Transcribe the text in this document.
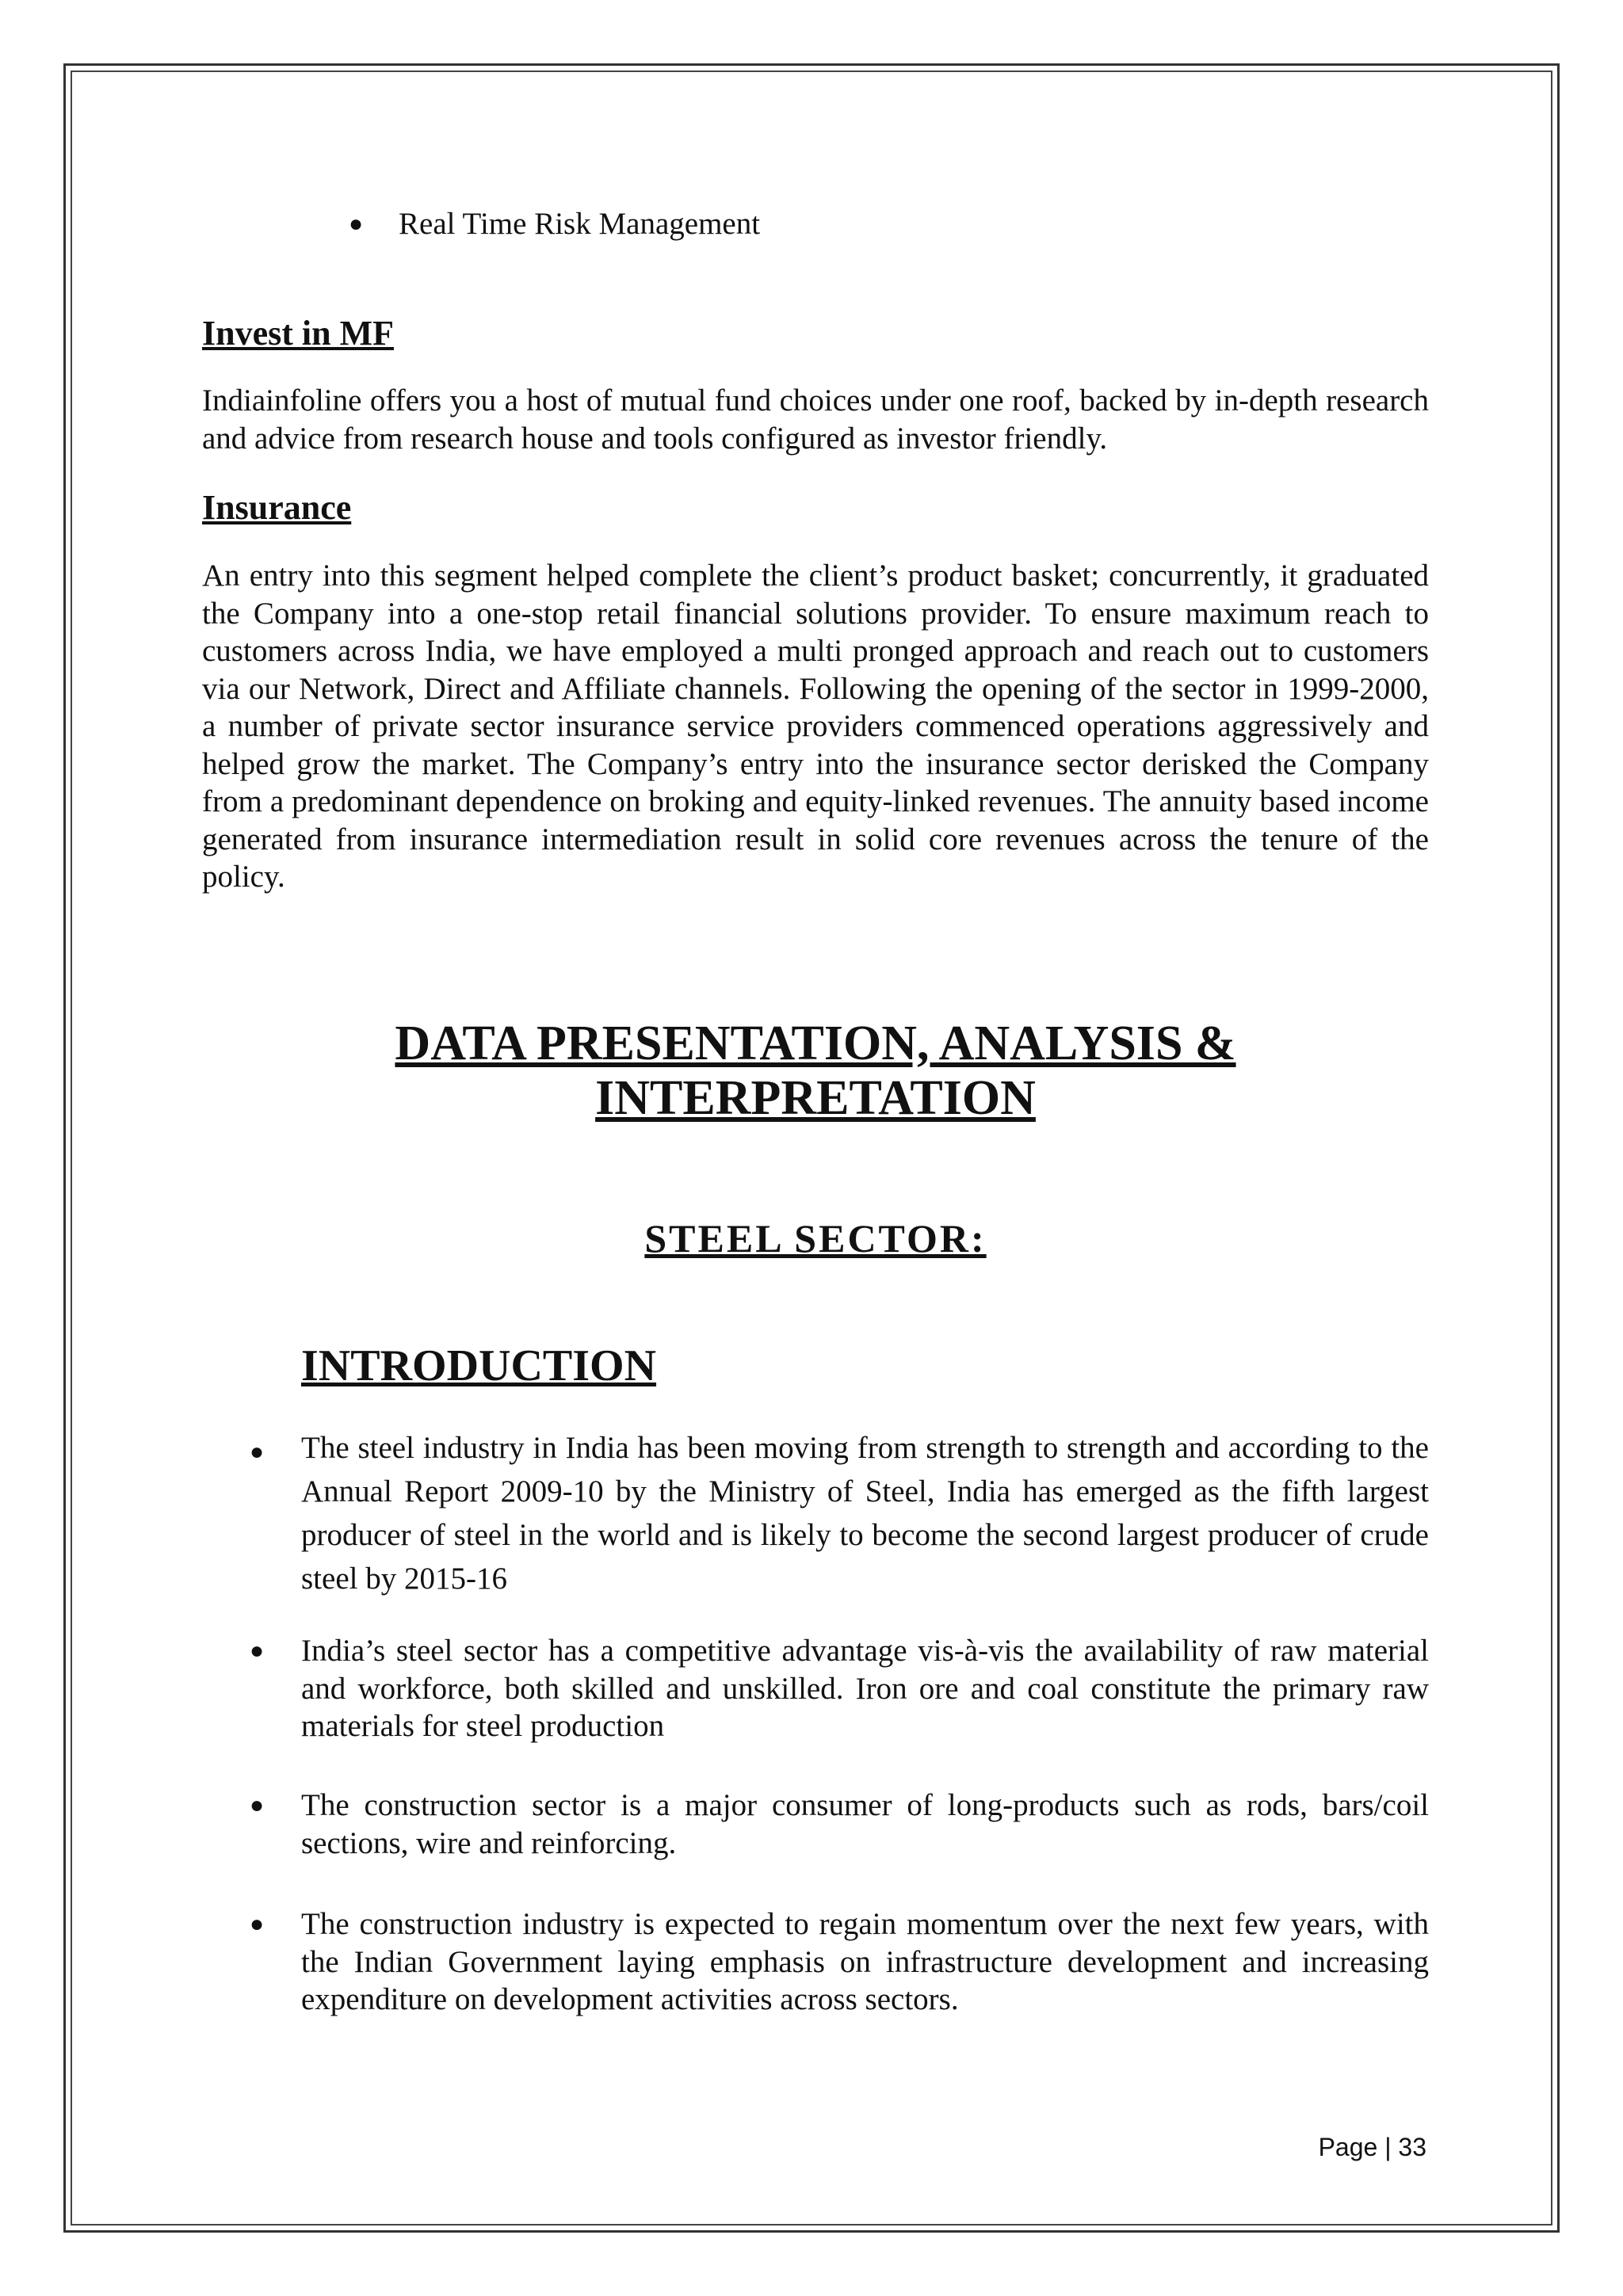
● Real Time Risk Management
Invest in MF
Indiainfoline offers you a host of mutual fund choices under one roof, backed by in-depth research and advice from research house and tools configured as investor friendly.
Insurance
An entry into this segment helped complete the client’s product basket; concurrently, it graduated the Company into a one-stop retail financial solutions provider. To ensure maximum reach to customers across India, we have employed a multi pronged approach and reach out to customers via our Network, Direct and Affiliate channels. Following the opening of the sector in 1999-2000, a number of private sector insurance service providers commenced operations aggressively and helped grow the market. The Company’s entry into the insurance sector derisked the Company from a predominant dependence on broking and equity-linked revenues. The annuity based income generated from insurance intermediation result in solid core revenues across the tenure of the policy.
DATA PRESENTATION, ANALYSIS &
INTERPRETATION
STEEL SECTOR:
INTRODUCTION
● The steel industry in India has been moving from strength to strength and according to the Annual Report 2009-10 by the Ministry of Steel, India has emerged as the fifth largest producer of steel in the world and is likely to become the second largest producer of crude steel by 2015-16
● India’s steel sector has a competitive advantage vis-à-vis the availability of raw material and workforce, both skilled and unskilled. Iron ore and coal constitute the primary raw materials for steel production
● The construction sector is a major consumer of long-products such as rods, bars/coil sections, wire and reinforcing.
● The construction industry is expected to regain momentum over the next few years, with the Indian Government laying emphasis on infrastructure development and increasing expenditure on development activities across sectors.
Page | 33
